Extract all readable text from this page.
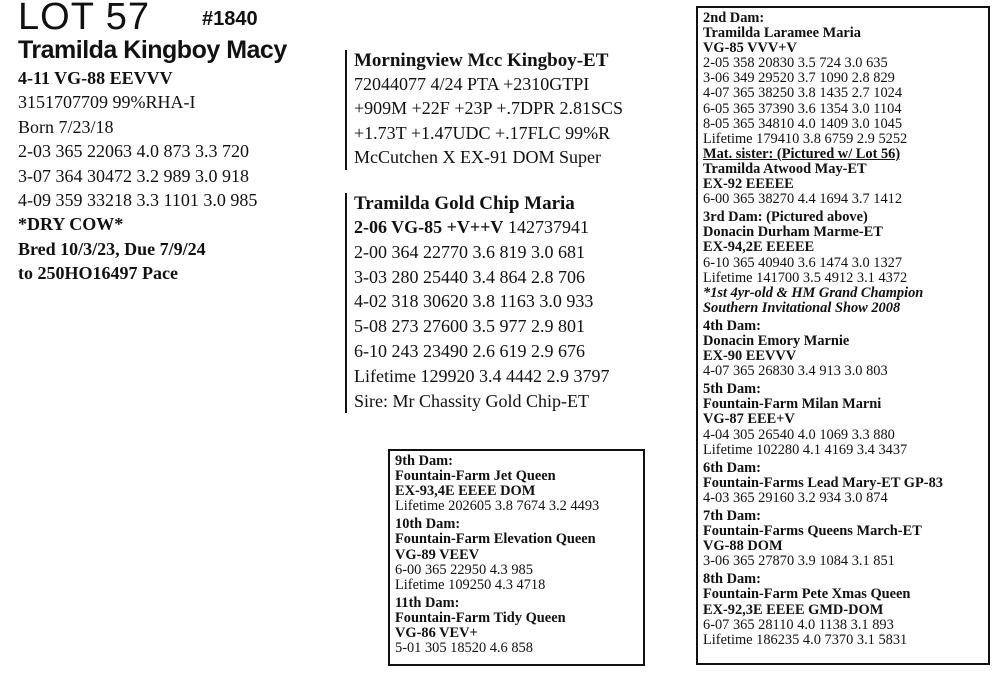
LOT 57	#1840
Tramilda Kingboy Macy
4-11 VG-88 EEVVV
3151707709 99%RHA-I
Born 7/23/18
2-03 365 22063 4.0 873 3.3 720
3-07 364 30472 3.2 989 3.0 918
4-09 359 33218 3.3 1101 3.0 985
*DRY COW*
Bred 10/3/23, Due 7/9/24
to 250HO16497 Pace
Morningview Mcc Kingboy-ET
72044077 4/24 PTA +2310GTPI
+909M +22F +23P +.7DPR 2.81SCS
+1.73T +1.47UDC +.17FLC 99%R
McCutchen X EX-91 DOM Super
Tramilda Gold Chip Maria
2-06 VG-85 +V++V 142737941
2-00 364 22770 3.6 819 3.0 681
3-03 280 25440 3.4 864 2.8 706
4-02 318 30620 3.8 1163 3.0 933
5-08 273 27600 3.5 977 2.9 801
6-10 243 23490 2.6 619 2.9 676
Lifetime 129920 3.4 4442 2.9 3797
Sire: Mr Chassity Gold Chip-ET
2nd Dam:
Tramilda Laramee Maria
VG-85 VVV+V
2-05 358 20830 3.5 724 3.0 635
3-06 349 29520 3.7 1090 2.8 829
4-07 365 38250 3.8 1435 2.7 1024
6-05 365 37390 3.6 1354 3.0 1104
8-05 365 34810 4.0 1409 3.0 1045
Lifetime 179410 3.8 6759 2.9 5252
Mat. sister: (Pictured w/ Lot 56)
Tramilda Atwood May-ET
EX-92 EEEEE
6-00 365 38270 4.4 1694 3.7 1412
3rd Dam: (Pictured above)
Donacin Durham Marme-ET
EX-94,2E EEEEE
6-10 365 40940 3.6 1474 3.0 1327
Lifetime 141700 3.5 4912 3.1 4372
*1st 4yr-old & HM Grand Champion
Southern Invitational Show 2008
4th Dam:
Donacin Emory Marnie
EX-90 EEVVV
4-07 365 26830 3.4 913 3.0 803
5th Dam:
Fountain-Farm Milan Marni
VG-87 EEE+V
4-04 305 26540 4.0 1069 3.3 880
Lifetime 102280 4.1 4169 3.4 3437
6th Dam:
Fountain-Farms Lead Mary-ET GP-83
4-03 365 29160 3.2 934 3.0 874
7th Dam:
Fountain-Farms Queens March-ET
VG-88 DOM
3-06 365 27870 3.9 1084 3.1 851
8th Dam:
Fountain-Farm Pete Xmas Queen
EX-92,3E EEEE GMD-DOM
6-07 365 28110 4.0 1138 3.1 893
Lifetime 186235 4.0 7370 3.1 5831
9th Dam:
Fountain-Farm Jet Queen
EX-93,4E EEEE DOM
Lifetime 202605 3.8 7674 3.2 4493
10th Dam:
Fountain-Farm Elevation Queen
VG-89 VEEV
6-00 365 22950 4.3 985
Lifetime 109250 4.3 4718
11th Dam:
Fountain-Farm Tidy Queen
VG-86 VEV+
5-01 305 18520 4.6 858
